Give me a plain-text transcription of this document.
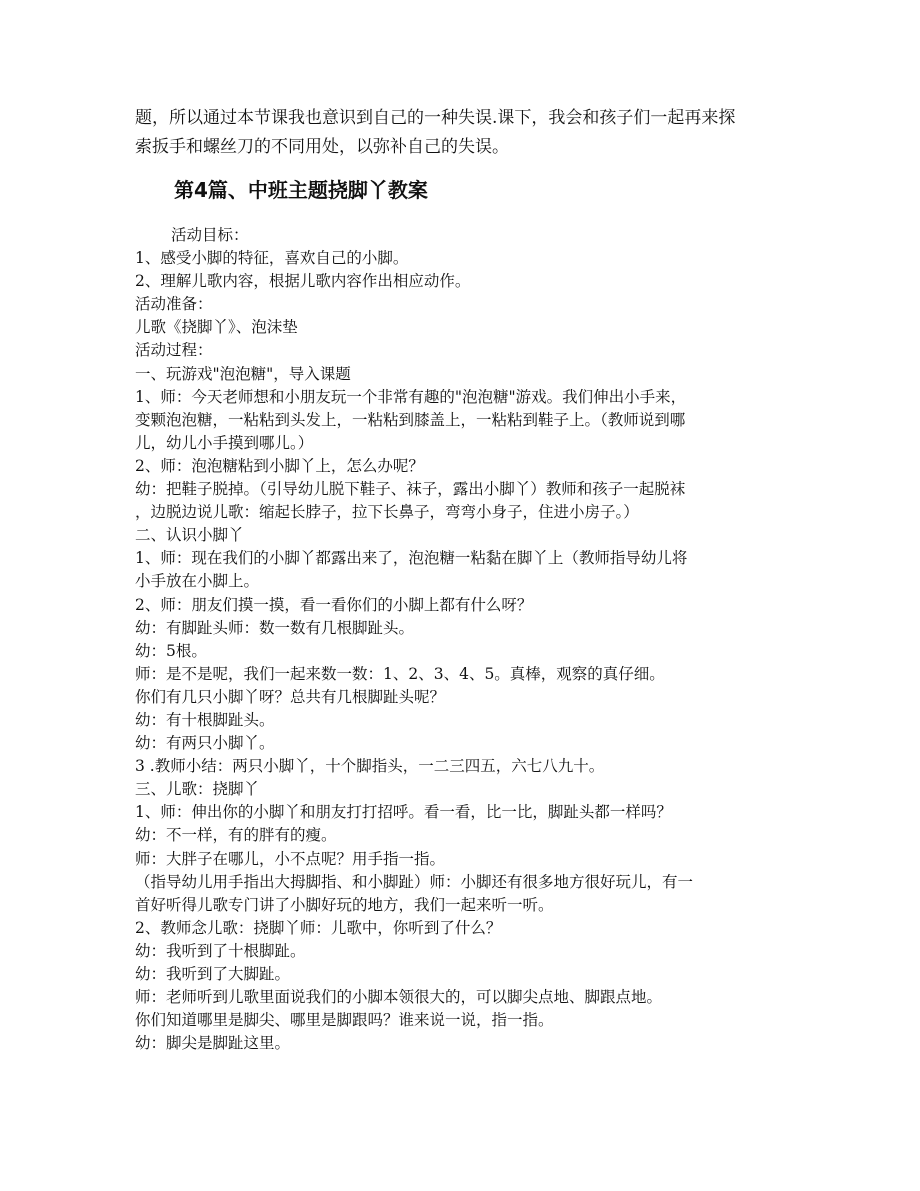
题，所以通过本节课我也意识到自己的一种失误.课下，我会和孩子们一起再来探

索扳手和螺丝刀的不同用处，以弥补自己的失误。

第4篇、中班主题挠脚丫教案

活动目标：

1、感受小脚的特征，喜欢自己的小脚。

2、理解儿歌内容，根据儿歌内容作出相应动作。

活动准备：

儿歌《挠脚丫》、泡沫垫

活动过程：

一、玩游戏"泡泡糖"，导入课题

1、师：今天老师想和小朋友玩一个非常有趣的"泡泡糖"游戏。我们伸出小手来，

变颗泡泡糖，一粘粘到头发上，一粘粘到膝盖上，一粘粘到鞋子上。（教师说到哪

儿，幼儿小手摸到哪儿。）

2、师：泡泡糖粘到小脚丫上，怎么办呢？

幼：把鞋子脱掉。（引导幼儿脱下鞋子、袜子，露出小脚丫）教师和孩子一起脱袜

，边脱边说儿歌：缩起长脖子，拉下长鼻子，弯弯小身子，住进小房子。）

二、认识小脚丫

1、师：现在我们的小脚丫都露出来了，泡泡糖一粘黏在脚丫上（教师指导幼儿将

小手放在小脚上。

2、师：朋友们摸一摸，看一看你们的小脚上都有什么呀？

幼：有脚趾头师：数一数有几根脚趾头。

幼：5根。

师：是不是呢，我们一起来数一数：1、2、3、4、5。真棒，观察的真仔细。

你们有几只小脚丫呀？总共有几根脚趾头呢？

幼：有十根脚趾头。

幼：有两只小脚丫。

3 .教师小结：两只小脚丫，十个脚指头，一二三四五，六七八九十。

三、儿歌：挠脚丫

1、师：伸出你的小脚丫和朋友打打招呼。看一看，比一比，脚趾头都一样吗？

幼：不一样，有的胖有的瘦。

师：大胖子在哪儿，小不点呢？用手指一指。

（指导幼儿用手指出大拇脚指、和小脚趾）师：小脚还有很多地方很好玩儿，有一

首好听得儿歌专门讲了小脚好玩的地方，我们一起来听一听。

2、教师念儿歌：挠脚丫师：儿歌中，你听到了什么？

幼：我听到了十根脚趾。

幼：我听到了大脚趾。

师：老师听到儿歌里面说我们的小脚本领很大的，可以脚尖点地、脚跟点地。

你们知道哪里是脚尖、哪里是脚跟吗？谁来说一说，指一指。

幼：脚尖是脚趾这里。
